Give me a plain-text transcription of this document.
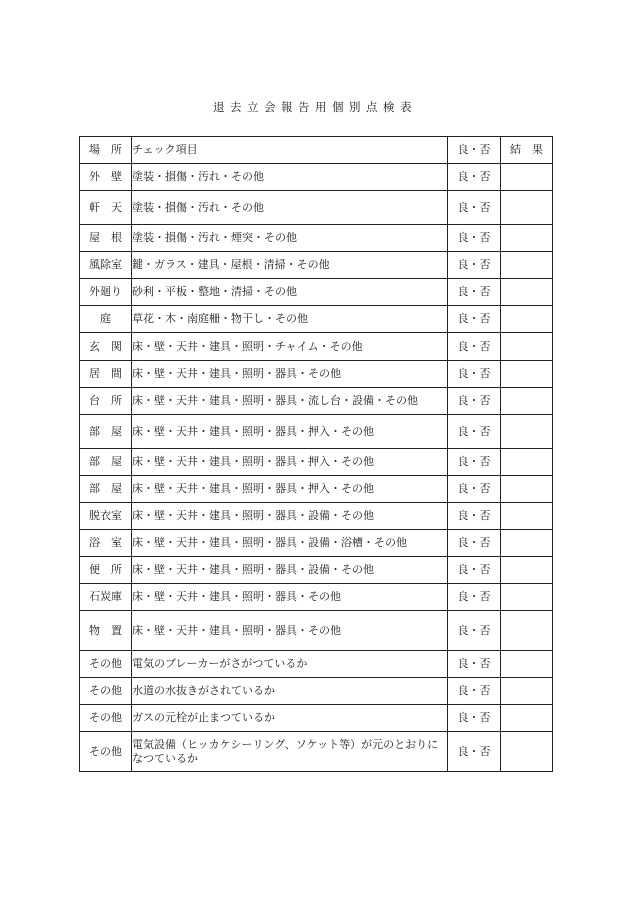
退去立会報告用個別点検表
場　所	チェック項目	良・否	結　果
外　壁	塗装・損傷・汚れ・その他	良・否	
軒　天	塗装・損傷・汚れ・その他	良・否	
屋　根	塗装・損傷・汚れ・煙突・その他	良・否	
風除室	鍵・ガラス・建具・屋根・清掃・その他	良・否	
外廻り	砂利・平板・整地・清掃・その他	良・否	
庭	草花・木・南庭柵・物干し・その他	良・否	
玄　関	床・壁・天井・建具・照明・チャイム・その他	良・否	
居　間	床・壁・天井・建具・照明・器具・その他	良・否	
台　所	床・壁・天井・建具・照明・器具・流し台・設備・その他	良・否	
部　屋	床・壁・天井・建具・照明・器具・押入・その他	良・否	
部　屋	床・壁・天井・建具・照明・器具・押入・その他	良・否	
部　屋	床・壁・天井・建具・照明・器具・押入・その他	良・否	
脱衣室	床・壁・天井・建具・照明・器具・設備・その他	良・否	
浴　室	床・壁・天井・建具・照明・器具・設備・浴槽・その他	良・否	
便　所	床・壁・天井・建具・照明・器具・設備・その他	良・否	
石炭庫	床・壁・天井・建具・照明・器具・その他	良・否	
物　置	床・壁・天井・建具・照明・器具・その他	良・否	
その他	電気のブレーカーがさがつているか	良・否	
その他	水道の水抜きがされているか	良・否	
その他	ガスの元栓が止まつているか	良・否	
その他	電気設備（ヒッカケシーリング、ソケット等）が元のとおりになつているか	良・否	
